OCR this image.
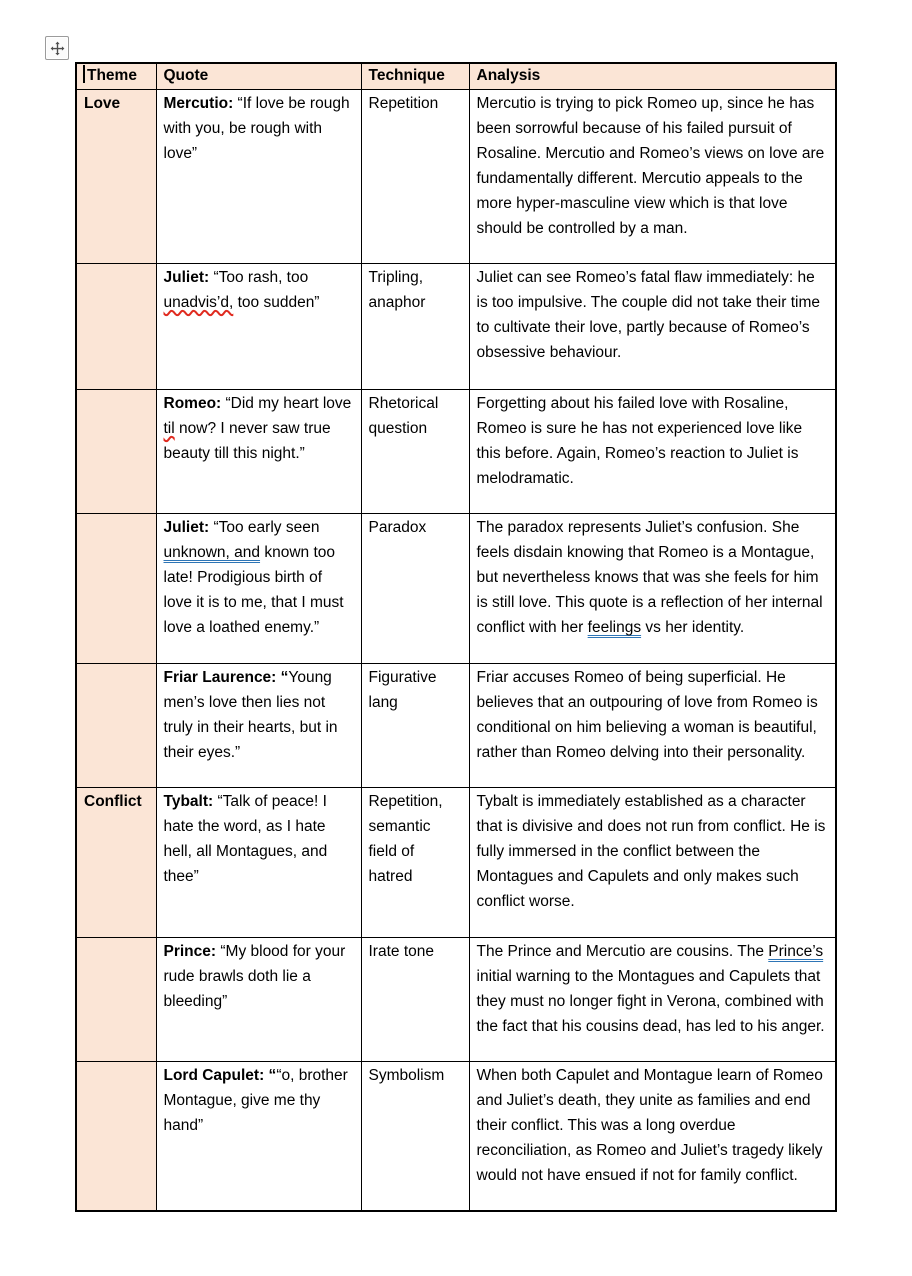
Theme	Quote	Technique	Analysis
Love	Mercutio: “If love be rough with you, be rough with love”	Repetition	Mercutio is trying to pick Romeo up, since he has been sorrowful because of his failed pursuit of Rosaline. Mercutio and Romeo’s views on love are fundamentally different. Mercutio appeals to the more hyper-masculine view which is that love should be controlled by a man.
	Juliet: “Too rash, too unadvis’d, too sudden”	Tripling, anaphor	Juliet can see Romeo’s fatal flaw immediately: he is too impulsive. The couple did not take their time to cultivate their love, partly because of Romeo’s obsessive behaviour.
	Romeo: “Did my heart love til now? I never saw true beauty till this night.”	Rhetorical question	Forgetting about his failed love with Rosaline, Romeo is sure he has not experienced love like this before. Again, Romeo’s reaction to Juliet is melodramatic.
	Juliet: “Too early seen unknown, and known too late! Prodigious birth of love it is to me, that I must love a loathed enemy.”	Paradox	The paradox represents Juliet’s confusion. She feels disdain knowing that Romeo is a Montague, but nevertheless knows that was she feels for him is still love. This quote is a reflection of her internal conflict with her feelings vs her identity.
	Friar Laurence: “Young men’s love then lies not truly in their hearts, but in their eyes.”	Figurative lang	Friar accuses Romeo of being superficial. He believes that an outpouring of love from Romeo is conditional on him believing a woman is beautiful, rather than Romeo delving into their personality.
Conflict	Tybalt: “Talk of peace! I hate the word, as I hate hell, all Montagues, and thee”	Repetition, semantic field of hatred	Tybalt is immediately established as a character that is divisive and does not run from conflict. He is fully immersed in the conflict between the Montagues and Capulets and only makes such conflict worse.
	Prince: “My blood for your rude brawls doth lie a bleeding”	Irate tone	The Prince and Mercutio are cousins. The Prince’s initial warning to the Montagues and Capulets that they must no longer fight in Verona, combined with the fact that his cousins dead, has led to his anger.
	Lord Capulet: ““o, brother Montague, give me thy hand”	Symbolism	When both Capulet and Montague learn of Romeo and Juliet’s death, they unite as families and end their conflict. This was a long overdue reconciliation, as Romeo and Juliet’s tragedy likely would not have ensued if not for family conflict.
